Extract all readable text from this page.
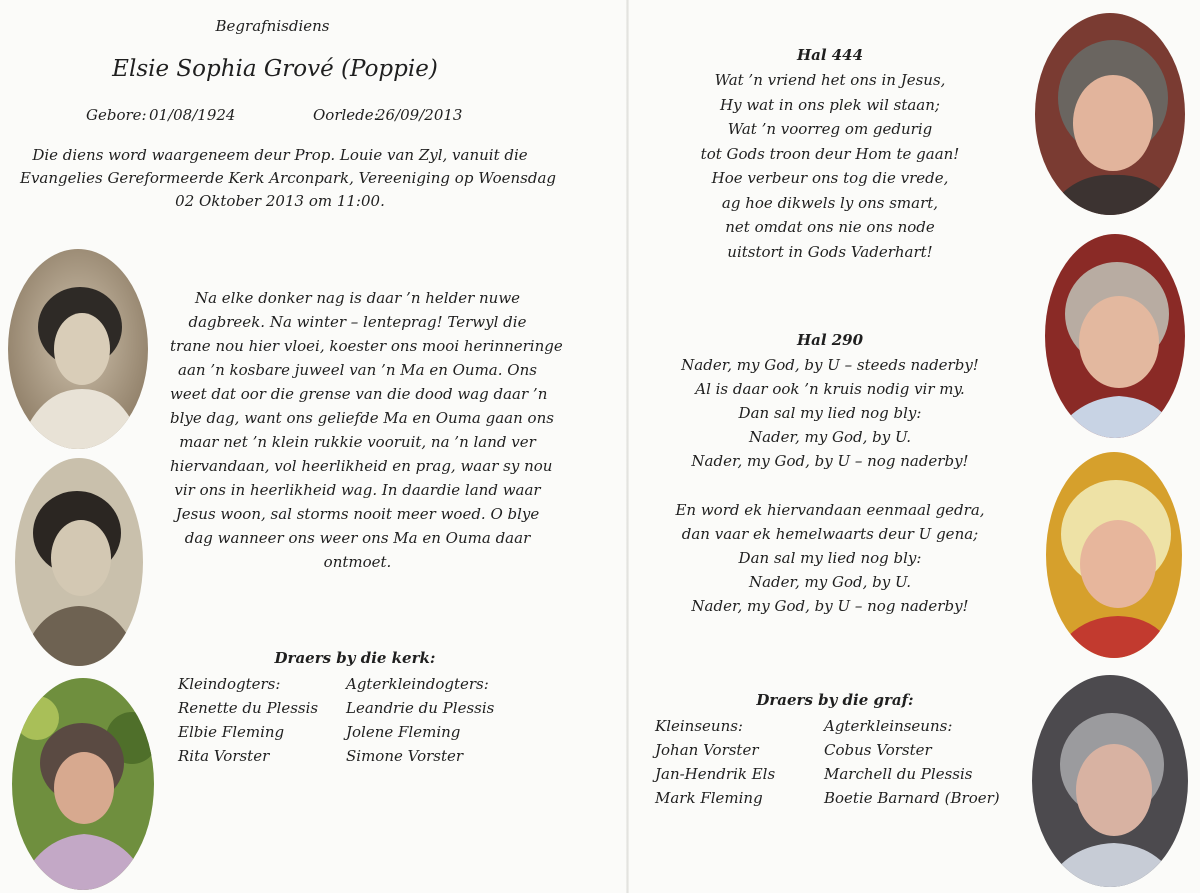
Begrafnisdiens
Elsie Sophia Grové (Poppie)
Gebore: 01/08/1924	Oorlede:
26/09/2013
Die diens word waargeneem deur Prop. Louie van Zyl, vanuit die
Evangelies Gereformeerde Kerk Arconpark, Vereeniging op Woensdag
02 Oktober 2013 om 11:00.
Na elke donker nag is daar ’n helder nuwe
dagbreek. Na winter – lenteprag! Terwyl die
trane nou hier vloei, koester ons mooi herinneringe
aan ’n kosbare juweel van ’n Ma en Ouma. Ons
weet dat oor die grense van die dood wag daar ’n
blye dag, want ons geliefde Ma en Ouma gaan ons
maar net ’n klein rukkie vooruit, na ’n land ver
hiervandaan, vol heerlikheid en prag, waar sy nou
vir ons in heerlikheid wag. In daardie land waar
Jesus woon, sal storms nooit meer woed. O blye
dag wanneer ons weer ons Ma en Ouma daar
ontmoet.
Draers by die kerk:
Kleindogters:
Renette du Plessis
Elbie Fleming
Rita Vorster
Agterkleindogters:
Leandrie du Plessis
Jolene Fleming
Simone Vorster
Hal 444
Wat ’n vriend het ons in Jesus,
Hy wat in ons plek wil staan;
Wat ’n voorreg om gedurig
tot Gods troon deur Hom te gaan!
Hoe verbeur ons tog die vrede,
ag hoe dikwels ly ons smart,
net omdat ons nie ons node
uitstort in Gods Vaderhart!
Hal 290
Nader, my God, by U – steeds naderby!
Al is daar ook ’n kruis nodig vir my.
Dan sal my lied nog bly:
Nader, my God, by U.
Nader, my God, by U – nog naderby!
En word ek hiervandaan eenmaal gedra,
dan vaar ek hemelwaarts deur U gena;
Dan sal my lied nog bly:
Nader, my God, by U.
Nader, my God, by U – nog naderby!
Draers by die graf:
Kleinseuns:
Johan Vorster
Jan-Hendrik Els
Mark Fleming
Agterkleinseuns:
Cobus Vorster
Marchell du Plessis
Boetie Barnard (Broer)
